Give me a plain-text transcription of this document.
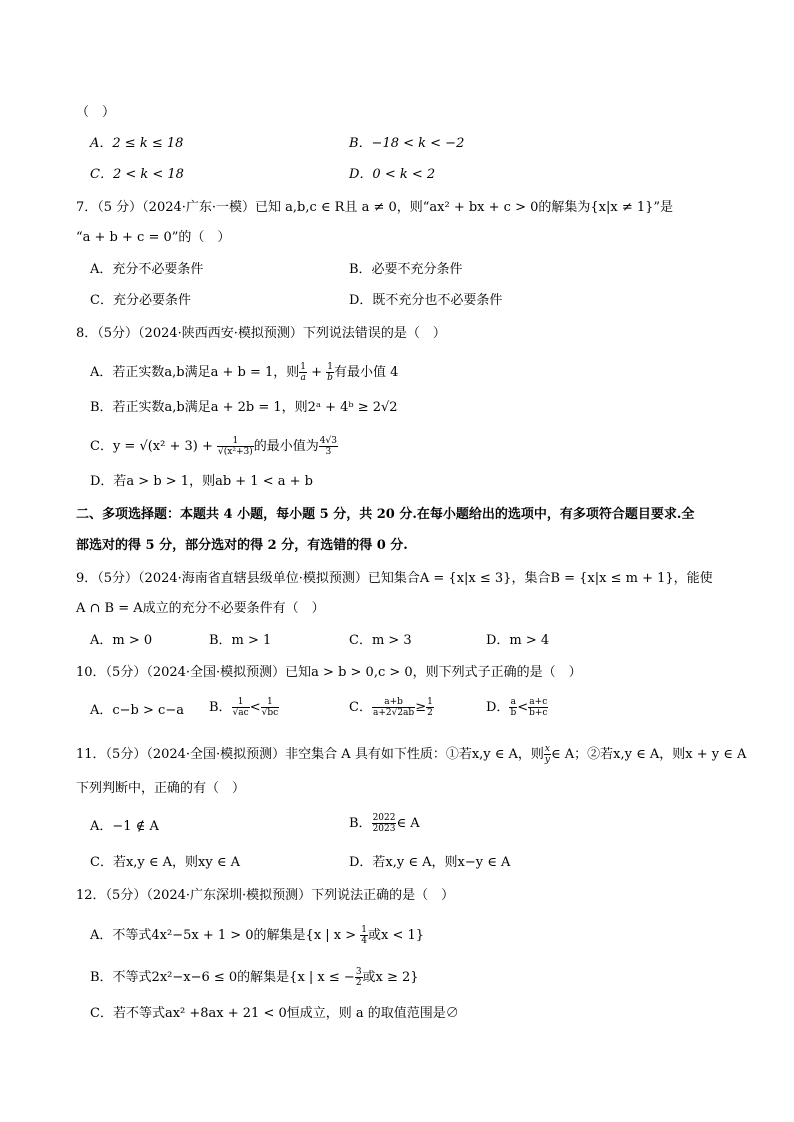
（　）
A．2 ≤ k ≤ 18	B．−18 < k < −2
C．2 < k < 18	D．0 < k < 2
7．（5 分）（2024·广东·一模）已知 a,b,c ∈ R且 a ≠ 0，则“ax² + bx + c > 0的解集为{x|x ≠ 1}”是
“a + b + c = 0”的（　）
A．充分不必要条件	B．必要不充分条件
C．充分必要条件	D．既不充分也不必要条件
8．（5分）（2024·陕西西安·模拟预测）下列说法错误的是（　）
A．若正实数a,b满足a + b = 1，则 $\frac{1}{a} + \frac{1}{b}$ 有最小值 4
B．若正实数a,b满足a + 2b = 1，则2ᵃ + 4ᵇ ≥ 2√2
C．$y = √(x^2 + 3) + \frac{1}{\text{√(x²+3)}}$ 的最小值为 $\frac{4√3}{3}$
D．若a > b > 1，则ab + 1 < a + b
二、多项选择题：本题共 4 小题，每小题 5 分，共 20 分.在每小题给出的选项中，有多项符合题目要求.全
部选对的得 5 分，部分选对的得 2 分，有选错的得 0 分.
9．（5分）（2024·海南省直辖县级单位·模拟预测）已知集合A = {x|x ≤ 3}，集合B = {x|x ≤ m + 1}，能使
A ∩ B = A成立的充分不必要条件有（　）
A．m > 0	B．m > 1	C．m > 3	D．m > 4
10．（5分）（2024·全国·模拟预测）已知a > b > 0,c > 0，则下列式子正确的是（　）
A．c−b > c−a B． $\frac{1}{√ac} < \frac{1}{√bc}$	C． $\frac{a+b}{a+2√2ab} \ge \frac{1}{2}$	D． $\frac{a}{b} < \frac{a+c}{b+c}$
11．（5分）（2024·全国·模拟预测）非空集合 A 具有如下性质：①若x,y ∈ A，则 $\frac{x}{y}$ ∈ A；②若x,y ∈ A，则x + y ∈ A
下列判断中，正确的有（　）
A．−1 ∉ A	B． $\frac{2022}{2023}$ ∈ A
C．若x,y ∈ A，则xy ∈ A	D．若x,y ∈ A，则x−y ∈ A
12．（5分）（2024·广东深圳·模拟预测）下列说法正确的是（　）
A．不等式4x²−5x + 1 > 0的解集是{x | $x > \frac{1}{4}$ 或x < 1}
B．不等式2x²−x−6 ≤ 0的解集是{x | x ≤ − $\frac{3}{2}$ 或x ≥ 2}
C．若不等式ax² +8ax + 21 < 0恒成立，则 a 的取值范围是∅
